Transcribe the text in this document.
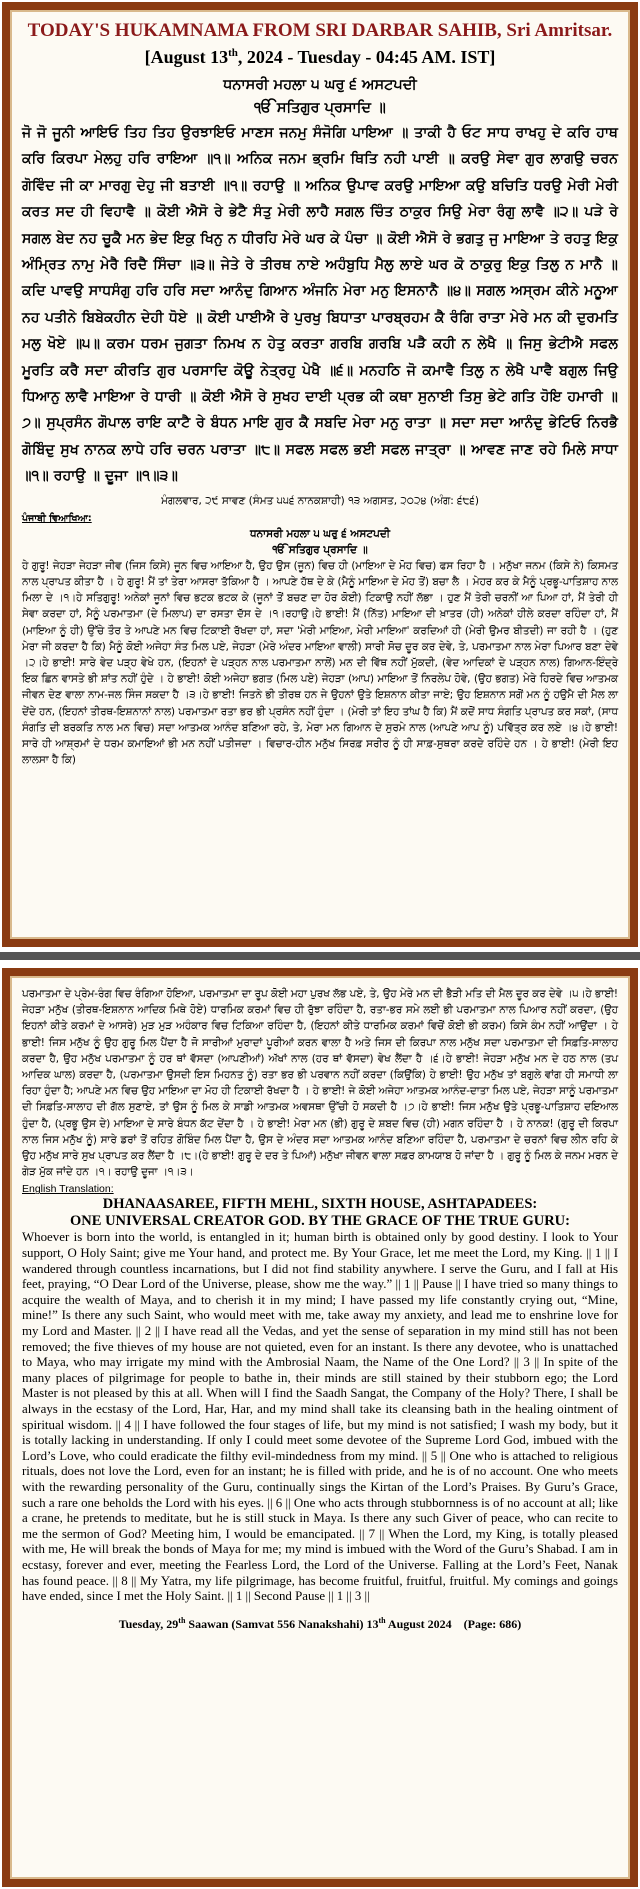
TODAY'S HUKAMNAMA FROM SRI DARBAR SAHIB, Sri Amritsar.
[August 13th, 2024 - Tuesday - 04:45 AM. IST]
ਧਨਾਸਰੀ ਮਹਲਾ ੫ ਘਰੁ ੬ ਅਸਟਪਦੀ
ੴ ਸਤਿਗੁਰ ਪ੍ਰਸਾਦਿ ॥
ਜੋ ਜੋ ਜੂਨੀ ਆਇਓ ਤਿਹ ਤਿਹ ਉਰਝਾਇਓ ਮਾਣਸ ਜਨਮੁ ਸੰਜੋਗਿ ਪਾਇਆ ॥ ਤਾਕੀ ਹੈ ਓਟ ਸਾਧ ਰਾਖਹੁ ਦੇ ਕਰਿ ਹਾਥ ਕਰਿ ਕਿਰਪਾ ਮੇਲਹੁ ਹਰਿ ਰਾਇਆ ॥੧॥ ਅਨਿਕ ਜਨਮ ਭ੍ਰਮਿ ਥਿਤਿ ਨਹੀ ਪਾਈ ॥ ਕਰਉ ਸੇਵਾ ਗੁਰ ਲਾਗਉ ਚਰਨ ਗੋਵਿੰਦ ਜੀ ਕਾ ਮਾਰਗੁ ਦੇਹੁ ਜੀ ਬਤਾਈ ॥੧॥ ਰਹਾਉ ॥ ਅਨਿਕ ਉਪਾਵ ਕਰਉ ਮਾਇਆ ਕਉ ਬਚਿਤਿ ਧਰਉ ਮੇਰੀ ਮੇਰੀ ਕਰਤ ਸਦ ਹੀ ਵਿਹਾਵੈ ॥ ਕੋਈ ਐਸੋ ਰੇ ਭੇਟੈ ਸੰਤੁ ਮੇਰੀ ਲਾਹੈ ਸਗਲ ਚਿੰਤ ਠਾਕੁਰ ਸਿਉ ਮੇਰਾ ਰੰਗੁ ਲਾਵੈ ॥੨॥ ਪੜੇ ਰੇ ਸਗਲ ਬੇਦ ਨਹ ਚੂਕੈ ਮਨ ਭੇਦ ਇਕੁ ਖਿਨੁ ਨ ਧੀਰਹਿ ਮੇਰੇ ਘਰ ਕੇ ਪੰਚਾ ॥ ਕੋਈ ਐਸੋ ਰੇ ਭਗਤੁ ਜੁ ਮਾਇਆ ਤੇ ਰਹਤੁ ਇਕੁ ਅੰਮ੍ਰਿਤ ਨਾਮੁ ਮੇਰੈ ਰਿਦੈ ਸਿੰਚਾ ॥੩॥ ਜੇਤੇ ਰੇ ਤੀਰਥ ਨਾਏ ਅਹੰਬੁਧਿ ਮੈਲੁ ਲਾਏ ਘਰ ਕੋ ਠਾਕੁਰੁ ਇਕੁ ਤਿਲੁ ਨ ਮਾਨੈ ॥ ਕਦਿ ਪਾਵਉ ਸਾਧਸੰਗੁ ਹਰਿ ਹਰਿ ਸਦਾ ਆਨੰਦੁ ਗਿਆਨ ਅੰਜਨਿ ਮੇਰਾ ਮਨੁ ਇਸਨਾਨੈ ॥੪॥ ਸਗਲ ਅਸ੍ਰਮ ਕੀਨੇ ਮਨੂਆ ਨਹ ਪਤੀਨੇ ਬਿਬੇਕਹੀਨ ਦੇਹੀ ਧੋਏ ॥ ਕੋਈ ਪਾਈਐ ਰੇ ਪੁਰਖੁ ਬਿਧਾਤਾ ਪਾਰਬ੍ਰਹਮ ਕੈ ਰੰਗਿ ਰਾਤਾ ਮੇਰੇ ਮਨ ਕੀ ਦੁਰਮਤਿ ਮਲੁ ਖੋਏ ॥੫॥ ਕਰਮ ਧਰਮ ਜੁਗਤਾ ਨਿਮਖ ਨ ਹੇਤੁ ਕਰਤਾ ਗਰਬਿ ਗਰਬਿ ਪੜੈ ਕਹੀ ਨ ਲੇਖੈ ॥ ਜਿਸੁ ਭੇਟੀਐ ਸਫਲ ਮੂਰਤਿ ਕਰੈ ਸਦਾ ਕੀਰਤਿ ਗੁਰ ਪਰਸਾਦਿ ਕੋਊ ਨੇਤ੍ਰਹੁ ਪੇਖੈ ॥੬॥ ਮਨਹਠਿ ਜੋ ਕਮਾਵੈ ਤਿਲੁ ਨ ਲੇਖੈ ਪਾਵੈ ਬਗੁਲ ਜਿਉ ਧਿਆਨੁ ਲਾਵੈ ਮਾਇਆ ਰੇ ਧਾਰੀ ॥ ਕੋਈ ਐਸੋ ਰੇ ਸੁਖਹ ਦਾਈ ਪ੍ਰਭ ਕੀ ਕਥਾ ਸੁਨਾਈ ਤਿਸੁ ਭੇਟੇ ਗਤਿ ਹੋਇ ਹਮਾਰੀ ॥੭॥ ਸੁਪ੍ਰਸੰਨ ਗੋਪਾਲ ਰਾਇ ਕਾਟੈ ਰੇ ਬੰਧਨ ਮਾਇ ਗੁਰ ਕੈ ਸਬਦਿ ਮੇਰਾ ਮਨੁ ਰਾਤਾ ॥ ਸਦਾ ਸਦਾ ਆਨੰਦੁ ਭੇਟਿਓ ਨਿਰਭੈ ਗੋਬਿੰਦੁ ਸੁਖ ਨਾਨਕ ਲਾਧੇ ਹਰਿ ਚਰਨ ਪਰਾਤਾ ॥੮॥ ਸਫਲ ਸਫਲ ਭਈ ਸਫਲ ਜਾਤ੍ਰਾ ॥ ਆਵਣ ਜਾਣ ਰਹੇ ਮਿਲੇ ਸਾਧਾ ॥੧॥ ਰਹਾਉ ॥ ਦੂਜਾ ॥੧॥੩॥
ਮੰਗਲਵਾਰ, ੨੯ ਸਾਵਣ (ਸੰਮਤ ੫੫੬ ਨਾਨਕਸ਼ਾਹੀ) ੧੩ ਅਗਸਤ, ੨੦੨੪ (ਅੰਗ: ੬੮੬)
ਪੰਜਾਬੀ ਵਿਆਖਿਆ:
ਧਨਾਸਰੀ ਮਹਲਾ ੫ ਘਰੁ ੬ ਅਸਟਪਦੀ
ੴ ਸਤਿਗੁਰ ਪ੍ਰਸਾਦਿ ॥
ਹੇ ਗੁਰੂ! ਜੇਹੜਾ ਜੇਹੜਾ ਜੀਵ (ਜਿਸ ਕਿਸੇ) ਜੂਨ ਵਿਚ ਆਇਆ ਹੈ, ਉਹ ਉਸ (ਜੂਨ) ਵਿਚ ਹੀ (ਮਾਇਆ ਦੇ ਮੋਹ ਵਿਚ) ਫਸ ਰਿਹਾ ਹੈ । ਮਨੁੱਖਾ ਜਨਮ (ਕਿਸੇ ਨੇ) ਕਿਸਮਤ ਨਾਲ ਪ੍ਰਾਪਤ ਕੀਤਾ ਹੈ । ਹੇ ਗੁਰੂ! ਮੈਂ ਤਾਂ ਤੇਰਾ ਆਸਰਾ ਤੱਕਿਆ ਹੈ । ਆਪਣੇ ਹੱਥ ਦੇ ਕੇ (ਮੈਨੂੰ ਮਾਇਆ ਦੇ ਮੋਹ ਤੋਂ) ਬਚਾ ਲੈ । ਮੇਹਰ ਕਰ ਕੇ ਮੈਨੂੰ ਪ੍ਰਭੂ-ਪਾਤਿਸ਼ਾਹ ਨਾਲ ਮਿਲਾ ਦੇ ।੧।ਹੇ ਸਤਿਗੁਰੂ! ਅਨੇਕਾਂ ਜੂਨਾਂ ਵਿਚ ਭਟਕ ਭਟਕ ਕੇ (ਜੂਨਾਂ ਤੋਂ ਬਚਣ ਦਾ ਹੋਰ ਕੋਈ) ਟਿਕਾਉ ਨਹੀਂ ਲੱਭਾ । ਹੁਣ ਮੈਂ ਤੇਰੀ ਚਰਨੀਂ ਆ ਪਿਆ ਹਾਂ, ਮੈਂ ਤੇਰੀ ਹੀ ਸੇਵਾ ਕਰਦਾ ਹਾਂ, ਮੈਨੂੰ ਪਰਮਾਤਮਾ (ਦੇ ਮਿਲਾਪ) ਦਾ ਰਸਤਾ ਦੱਸ ਦੇ ।੧।ਰਹਾਉ।ਹੇ ਭਾਈ! ਮੈਂ (ਨਿੱਤ) ਮਾਇਆ ਦੀ ਖ਼ਾਤਰ (ਹੀ) ਅਨੇਕਾਂ ਹੀਲੇ ਕਰਦਾ ਰਹਿੰਦਾ ਹਾਂ, ਮੈਂ (ਮਾਇਆ ਨੂੰ ਹੀ) ਉੱਚੇ ਤੌਰ ਤੇ ਆਪਣੇ ਮਨ ਵਿਚ ਟਿਕਾਈ ਰੱਖਦਾ ਹਾਂ, ਸਦਾ 'ਮੇਰੀ ਮਾਇਆ, ਮੇਰੀ ਮਾਇਆ' ਕਰਦਿਆਂ ਹੀ (ਮੇਰੀ ਉਮਰ ਬੀਤਦੀ) ਜਾ ਰਹੀ ਹੈ । (ਹੁਣ ਮੇਰਾ ਜੀ ਕਰਦਾ ਹੈ ਕਿ) ਮੈਨੂੰ ਕੋਈ ਅਜੇਹਾ ਸੰਤ ਮਿਲ ਪਏ, ਜੇਹੜਾ (ਮੇਰੇ ਅੰਦਰ ਮਾਇਆ ਵਾਲੀ) ਸਾਰੀ ਸੋਚ ਦੂਰ ਕਰ ਦੇਵੇ, ਤੇ, ਪਰਮਾਤਮਾ ਨਾਲ ਮੇਰਾ ਪਿਆਰ ਬਣਾ ਦੇਵੇ ।੨।ਹੇ ਭਾਈ! ਸਾਰੇ ਵੇਦ ਪੜ੍ਹ ਵੇਖੇ ਹਨ, (ਇਹਨਾਂ ਦੇ ਪੜ੍ਹਨ ਨਾਲ ਪਰਮਾਤਮਾ ਨਾਲੋਂ) ਮਨ ਦੀ ਵਿੱਥ ਨਹੀਂ ਮੁੱਕਦੀ, (ਵੇਦ ਆਦਿਕਾਂ ਦੇ ਪੜ੍ਹਨ ਨਾਲ) ਗਿਆਨ-ਇੰਦ੍ਰੇ ਇਕ ਛਿਨ ਵਾਸਤੇ ਭੀ ਸ਼ਾਂਤ ਨਹੀਂ ਹੁੰਦੇ । ਹੇ ਭਾਈ! ਕੋਈ ਅਜੇਹਾ ਭਗਤ (ਮਿਲ ਪਏ) ਜੇਹੜਾ (ਆਪ) ਮਾਇਆ ਤੋਂ ਨਿਰਲੇਪ ਹੋਵੇ, (ਉਹ ਭਗਤ) ਮੇਰੇ ਹਿਰਦੇ ਵਿਚ ਆਤਮਕ ਜੀਵਨ ਦੇਣ ਵਾਲਾ ਨਾਮ-ਜਲ ਸਿੰਜ ਸਕਦਾ ਹੈ ।੩।ਹੇ ਭਾਈ! ਜਿਤਨੇ ਭੀ ਤੀਰਥ ਹਨ ਜੇ ਉਹਨਾਂ ਉਤੇ ਇਸ਼ਨਾਨ ਕੀਤਾ ਜਾਏ; ਉਹ ਇਸ਼ਨਾਨ ਸਗੋਂ ਮਨ ਨੂੰ ਹਉਮੈ ਦੀ ਮੈਲ ਲਾ ਦੇਂਦੇ ਹਨ, (ਇਹਨਾਂ ਤੀਰਥ-ਇਸ਼ਨਾਨਾਂ ਨਾਲ) ਪਰਮਾਤਮਾ ਰਤਾ ਭਰ ਭੀ ਪ੍ਰਸੰਨ ਨਹੀਂ ਹੁੰਦਾ । (ਮੇਰੀ ਤਾਂ ਇਹ ਤਾਂਘ ਹੈ ਕਿ) ਮੈਂ ਕਦੋਂ ਸਾਧ ਸੰਗਤਿ ਪ੍ਰਾਪਤ ਕਰ ਸਕਾਂ, (ਸਾਧ ਸੰਗਤਿ ਦੀ ਬਰਕਤਿ ਨਾਲ ਮਨ ਵਿਚ) ਸਦਾ ਆਤਮਕ ਆਨੰਦ ਬਣਿਆ ਰਹੇ, ਤੇ, ਮੇਰਾ ਮਨ ਗਿਆਨ ਦੇ ਸੁਰਮੇ ਨਾਲ (ਆਪਣੇ ਆਪ ਨੂੰ) ਪਵਿੱਤ੍ਰ ਕਰ ਲਏ ।੪।ਹੇ ਭਾਈ! ਸਾਰੇ ਹੀ ਆਸ਼੍ਰਮਾਂ ਦੇ ਧਰਮ ਕਮਾਇਆਂ ਭੀ ਮਨ ਨਹੀਂ ਪਤੀਜਦਾ । ਵਿਚਾਰ-ਹੀਨ ਮਨੁੱਖ ਸਿਰਫ਼ ਸਰੀਰ ਨੂੰ ਹੀ ਸਾਫ਼-ਸੁਥਰਾ ਕਰਦੇ ਰਹਿੰਦੇ ਹਨ । ਹੇ ਭਾਈ! (ਮੇਰੀ ਇਹ ਲਾਲਸਾ ਹੈ ਕਿ)
ਪਰਮਾਤਮਾ ਦੇ ਪ੍ਰੇਮ-ਰੰਗ ਵਿਚ ਰੰਗਿਆ ਹੋਇਆ, ਪਰਮਾਤਮਾ ਦਾ ਰੂਪ ਕੋਈ ਮਹਾ ਪੁਰਖ ਲੱਭ ਪਏ, ਤੇ, ਉਹ ਮੇਰੇ ਮਨ ਦੀ ਭੈੜੀ ਮਤਿ ਦੀ ਮੈਲ ਦੂਰ ਕਰ ਦੇਵੇ ।੫।ਹੇ ਭਾਈ! ਜੇਹੜਾ ਮਨੁੱਖ (ਤੀਰਥ-ਇਸ਼ਨਾਨ ਆਦਿਕ ਮਿਥੇ ਹੋਏ) ਧਾਰਮਿਕ ਕਰਮਾਂ ਵਿਚ ਹੀ ਰੁੱਝਾ ਰਹਿੰਦਾ ਹੈ, ਰਤਾ-ਭਰ ਸਮੇ ਲਈ ਭੀ ਪਰਮਾਤਮਾ ਨਾਲ ਪਿਆਰ ਨਹੀਂ ਕਰਦਾ, (ਉਹ ਇਹਨਾਂ ਕੀਤੇ ਕਰਮਾਂ ਦੇ ਆਸਰੇ) ਮੁੜ ਮੁੜ ਅਹੰਕਾਰ ਵਿਚ ਟਿਕਿਆ ਰਹਿੰਦਾ ਹੈ, (ਇਹਨਾਂ ਕੀਤੇ ਧਾਰਮਿਕ ਕਰਮਾਂ ਵਿਚੋਂ ਕੋਈ ਭੀ ਕਰਮ) ਕਿਸੇ ਕੰਮ ਨਹੀਂ ਆਉਂਦਾ । ਹੇ ਭਾਈ! ਜਿਸ ਮਨੁੱਖ ਨੂੰ ਉਹ ਗੁਰੂ ਮਿਲ ਪੈਂਦਾ ਹੈ ਜੋ ਸਾਰੀਆਂ ਮੁਰਾਦਾਂ ਪੂਰੀਆਂ ਕਰਨ ਵਾਲਾ ਹੈ ਅਤੇ ਜਿਸ ਦੀ ਕਿਰਪਾ ਨਾਲ ਮਨੁੱਖ ਸਦਾ ਪਰਮਾਤਮਾ ਦੀ ਸਿਫ਼ਤਿ-ਸਾਲਾਹ ਕਰਦਾ ਹੈ, ਉਹ ਮਨੁੱਖ ਪਰਮਾਤਮਾ ਨੂੰ ਹਰ ਥਾਂ ਵੱਸਦਾ (ਆਪਣੀਆਂ) ਅੱਖਾਂ ਨਾਲ (ਹਰ ਥਾਂ ਵੱਸਦਾ) ਵੇਖ ਲੈਂਦਾ ਹੈ ।੬।ਹੇ ਭਾਈ! ਜੇਹੜਾ ਮਨੁੱਖ ਮਨ ਦੇ ਹਠ ਨਾਲ (ਤਪ ਆਦਿਕ ਘਾਲ) ਕਰਦਾ ਹੈ, (ਪਰਮਾਤਮਾ ਉਸਦੀ ਇਸ ਮਿਹਨਤ ਨੂੰ) ਰਤਾ ਭਰ ਭੀ ਪਰਵਾਨ ਨਹੀਂ ਕਰਦਾ (ਕਿਉਂਕਿ) ਹੇ ਭਾਈ! ਉਹ ਮਨੁੱਖ ਤਾਂ ਬਗੁਲੇ ਵਾਂਗ ਹੀ ਸਮਾਧੀ ਲਾ ਰਿਹਾ ਹੁੰਦਾ ਹੈ; ਆਪਣੇ ਮਨ ਵਿਚ ਉਹ ਮਾਇਆ ਦਾ ਮੋਹ ਹੀ ਟਿਕਾਈ ਰੱਖਦਾ ਹੈ । ਹੇ ਭਾਈ! ਜੇ ਕੋਈ ਅਜੇਹਾ ਆਤਮਕ ਆਨੰਦ-ਦਾਤਾ ਮਿਲ ਪਏ, ਜੇਹੜਾ ਸਾਨੂੰ ਪਰਮਾਤਮਾ ਦੀ ਸਿਫ਼ਤਿ-ਸਾਲਾਹ ਦੀ ਗੱਲ ਸੁਣਾਏ, ਤਾਂ ਉਸ ਨੂੰ ਮਿਲ ਕੇ ਸਾਡੀ ਆਤਮਕ ਅਵਸਥਾ ਉੱਚੀ ਹੋ ਸਕਦੀ ਹੈ ।੭।ਹੇ ਭਾਈ! ਜਿਸ ਮਨੁੱਖ ਉਤੇ ਪ੍ਰਭੂ-ਪਾਤਿਸ਼ਾਹ ਦਇਆਲ ਹੁੰਦਾ ਹੈ, (ਪ੍ਰਭੂ ਉਸ ਦੇ) ਮਾਇਆ ਦੇ ਸਾਰੇ ਬੰਧਨ ਕੱਟ ਦੇਂਦਾ ਹੈ । ਹੇ ਭਾਈ! ਮੇਰਾ ਮਨ (ਭੀ) ਗੁਰੂ ਦੇ ਸ਼ਬਦ ਵਿਚ (ਹੀ) ਮਗਨ ਰਹਿੰਦਾ ਹੈ । ਹੇ ਨਾਨਕ! (ਗੁਰੂ ਦੀ ਕਿਰਪਾ ਨਾਲ ਜਿਸ ਮਨੁੱਖ ਨੂੰ) ਸਾਰੇ ਡਰਾਂ ਤੋਂ ਰਹਿਤ ਗੋਬਿੰਦ ਮਿਲ ਪੈਂਦਾ ਹੈ, ਉਸ ਦੇ ਅੰਦਰ ਸਦਾ ਆਤਮਕ ਆਨੰਦ ਬਣਿਆ ਰਹਿੰਦਾ ਹੈ, ਪਰਮਾਤਮਾ ਦੇ ਚਰਨਾਂ ਵਿਚ ਲੀਨ ਰਹਿ ਕੇ ਉਹ ਮਨੁੱਖ ਸਾਰੇ ਸੁਖ ਪ੍ਰਾਪਤ ਕਰ ਲੈਂਦਾ ਹੈ ।੮।(ਹੇ ਭਾਈ! ਗੁਰੂ ਦੇ ਦਰ ਤੇ ਪਿਆਂ) ਮਨੁੱਖਾ ਜੀਵਨ ਵਾਲਾ ਸਫ਼ਰ ਕਾਮਯਾਬ ਹੋ ਜਾਂਦਾ ਹੈ । ਗੁਰੂ ਨੂੰ ਮਿਲ ਕੇ ਜਨਮ ਮਰਨ ਦੇ ਗੇੜ ਮੁੱਕ ਜਾਂਦੇ ਹਨ ।੧। ਰਹਾਉ ਦੂਜਾ ।੧।੩।
English Translation:
DHANAASAREE, FIFTH MEHL, SIXTH HOUSE, ASHTAPADEES:
ONE UNIVERSAL CREATOR GOD. BY THE GRACE OF THE TRUE GURU:
Whoever is born into the world, is entangled in it; human birth is obtained only by good destiny. I look to Your support, O Holy Saint; give me Your hand, and protect me. By Your Grace, let me meet the Lord, my King. || 1 || I wandered through countless incarnations, but I did not find stability anywhere. I serve the Guru, and I fall at His feet, praying, “O Dear Lord of the Universe, please, show me the way.” || 1 || Pause || I have tried so many things to acquire the wealth of Maya, and to cherish it in my mind; I have passed my life constantly crying out, “Mine, mine!” Is there any such Saint, who would meet with me, take away my anxiety, and lead me to enshrine love for my Lord and Master. || 2 || I have read all the Vedas, and yet the sense of separation in my mind still has not been removed; the five thieves of my house are not quieted, even for an instant. Is there any devotee, who is unattached to Maya, who may irrigate my mind with the Ambrosial Naam, the Name of the One Lord? || 3 || In spite of the many places of pilgrimage for people to bathe in, their minds are still stained by their stubborn ego; the Lord Master is not pleased by this at all. When will I find the Saadh Sangat, the Company of the Holy? There, I shall be always in the ecstasy of the Lord, Har, Har, and my mind shall take its cleansing bath in the healing ointment of spiritual wisdom. || 4 || I have followed the four stages of life, but my mind is not satisfied; I wash my body, but it is totally lacking in understanding. If only I could meet some devotee of the Supreme Lord God, imbued with the Lord’s Love, who could eradicate the filthy evil-mindedness from my mind. || 5 || One who is attached to religious rituals, does not love the Lord, even for an instant; he is filled with pride, and he is of no account. One who meets with the rewarding personality of the Guru, continually sings the Kirtan of the Lord’s Praises. By Guru’s Grace, such a rare one beholds the Lord with his eyes. || 6 || One who acts through stubbornness is of no account at all; like a crane, he pretends to meditate, but he is still stuck in Maya. Is there any such Giver of peace, who can recite to me the sermon of God? Meeting him, I would be emancipated. || 7 || When the Lord, my King, is totally pleased with me, He will break the bonds of Maya for me; my mind is imbued with the Word of the Guru’s Shabad. I am in ecstasy, forever and ever, meeting the Fearless Lord, the Lord of the Universe. Falling at the Lord’s Feet, Nanak has found peace. || 8 || My Yatra, my life pilgrimage, has become fruitful, fruitful, fruitful. My comings and goings have ended, since I met the Holy Saint. || 1 || Second Pause || 1 || 3 ||
Tuesday, 29th Saawan (Samvat 556 Nanakshahi) 13th August 2024 (Page: 686)
